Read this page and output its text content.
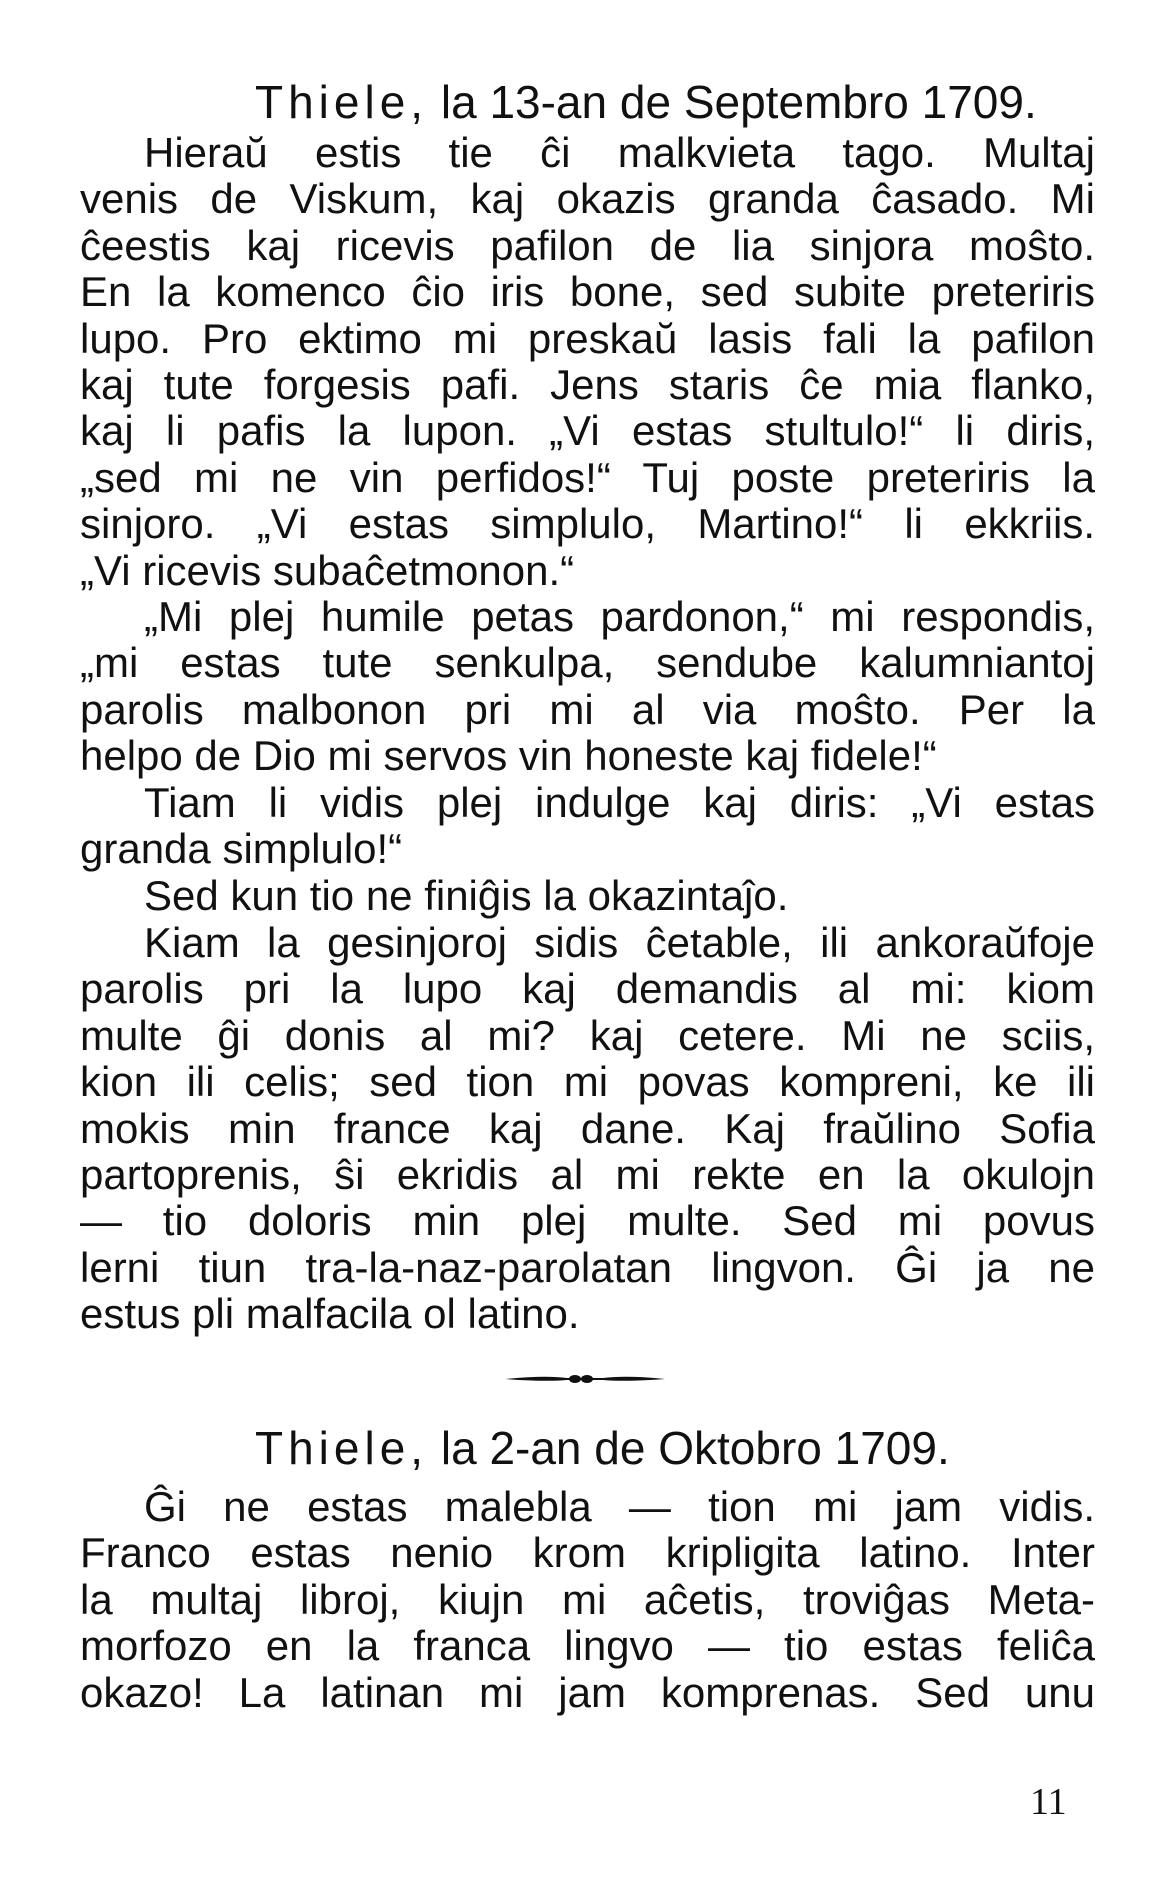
Thiele, la 13-an de Septembro 1709.
Hieraŭ estis tie ĉi malkvieta tago. Multaj
venis de Viskum, kaj okazis granda ĉasado. Mi
ĉeestis kaj ricevis pafilon de lia sinjora moŝto.
En la komenco ĉio iris bone, sed subite preteriris
lupo. Pro ektimo mi preskaŭ lasis fali la pafilon
kaj tute forgesis pafi. Jens staris ĉe mia flanko,
kaj li pafis la lupon. „Vi estas stultulo!“ li diris,
„sed mi ne vin perfidos!“ Tuj poste preteriris la
sinjoro. „Vi estas simplulo, Martino!“ li ekkriis.
„Vi ricevis subaĉetmonon.“
„Mi plej humile petas pardonon,“ mi respondis,
„mi estas tute senkulpa, sendube kalumniantoj
parolis malbonon pri mi al via moŝto. Per la
helpo de Dio mi servos vin honeste kaj fidele!“
Tiam li vidis plej indulge kaj diris: „Vi estas
granda simplulo!“
Sed kun tio ne finiĝis la okazintaĵo.
Kiam la gesinjoroj sidis ĉetable, ili ankoraŭfoje
parolis pri la lupo kaj demandis al mi: kiom
multe ĝi donis al mi? kaj cetere. Mi ne sciis,
kion ili celis; sed tion mi povas kompreni, ke ili
mokis min france kaj dane. Kaj fraŭlino Sofia
partoprenis, ŝi ekridis al mi rekte en la okulojn
— tio doloris min plej multe. Sed mi povus
lerni tiun tra-la-naz-parolatan lingvon. Ĝi ja ne
estus pli malfacila ol latino.
Thiele, la 2-an de Oktobro 1709.
Ĝi ne estas malebla — tion mi jam vidis.
Franco estas nenio krom kripligita latino. Inter
la multaj libroj, kiujn mi aĉetis, troviĝas Meta-
morfozo en la franca lingvo — tio estas feliĉa
okazo! La latinan mi jam komprenas. Sed unu
11
